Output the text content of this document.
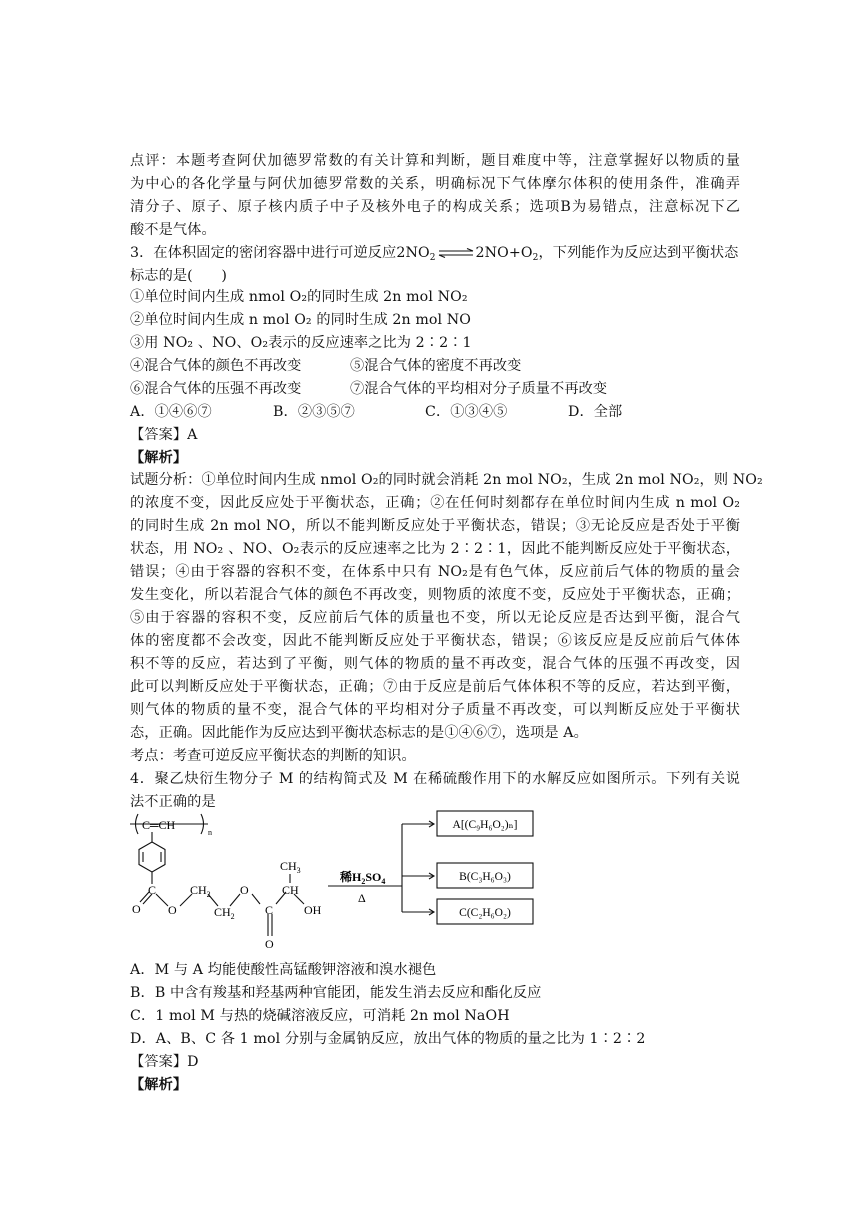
点评：本题考查阿伏加德罗常数的有关计算和判断，题目难度中等，注意掌握好以物质的量
为中心的各化学量与阿伏加德罗常数的关系，明确标况下气体摩尔体积的使用条件，准确弄
清分子、原子、原子核内质子中子及核外电子的构成关系；选项B为易错点，注意标况下乙
酸不是气体。
3．在体积固定的密闭容器中进行可逆反应$2NO_2\rightleftharpoons 2NO+O_2$，下列能作为反应达到平衡状态
标志的是(　　)
①单位时间内生成 nmol O₂的同时生成 2n mol NO₂
②单位时间内生成 n mol O₂ 的同时生成 2n mol NO
③用 NO₂ 、NO、O₂表示的反应速率之比为 2∶2∶1
④混合气体的颜色不再改变	⑤混合气体的密度不再改变
⑥混合气体的压强不再改变	⑦混合气体的平均相对分子质量不再改变
A．①④⑥⑦	B．②③⑤⑦	C．①③④⑤	D．全部
【答案】A
【解析】
试题分析：①单位时间内生成 nmol O₂的同时就会消耗 2n mol NO₂，生成 2n mol NO₂，则 NO₂
的浓度不变，因此反应处于平衡状态，正确；②在任何时刻都存在单位时间内生成 n mol O₂
的同时生成 2n mol NO，所以不能判断反应处于平衡状态，错误；③无论反应是否处于平衡
状态，用 NO₂ 、NO、O₂表示的反应速率之比为 2∶2∶1，因此不能判断反应处于平衡状态，
错误；④由于容器的容积不变，在体系中只有 NO₂是有色气体，反应前后气体的物质的量会
发生变化，所以若混合气体的颜色不再改变，则物质的浓度不变，反应处于平衡状态，正确；
⑤由于容器的容积不变，反应前后气体的质量也不变，所以无论反应是否达到平衡，混合气
体的密度都不会改变，因此不能判断反应处于平衡状态，错误；⑥该反应是反应前后气体体
积不等的反应，若达到了平衡，则气体的物质的量不再改变，混合气体的压强不再改变，因
此可以判断反应处于平衡状态，正确；⑦由于反应是前后气体体积不等的反应，若达到平衡，
则气体的物质的量不变，混合气体的平均相对分子质量不再改变，可以判断反应处于平衡状
态，正确。因此能作为反应达到平衡状态标志的是①④⑥⑦，选项是 A。
考点：考查可逆反应平衡状态的判断的知识。
4．聚乙炔衍生物分子 M 的结构简式及 M 在稀硫酸作用下的水解反应如图所示。下列有关说
法不正确的是
C═CH
n
C
O O
$CH_2$
$CH_2$
O
C
O
$CH_3$
CH
OH
稀$H_2SO_4$
Δ
A[(C₉H₆O₂)ₙ]
B(C₃H₆O₃)
C(C₂H₆O₂)
A．M 与 A 均能使酸性高锰酸钾溶液和溴水褪色
B．B 中含有羧基和羟基两种官能团，能发生消去反应和酯化反应
C．1 mol M 与热的烧碱溶液反应，可消耗 2n mol NaOH
D．A、B、C 各 1 mol 分别与金属钠反应，放出气体的物质的量之比为 1∶2∶2
【答案】D
【解析】
